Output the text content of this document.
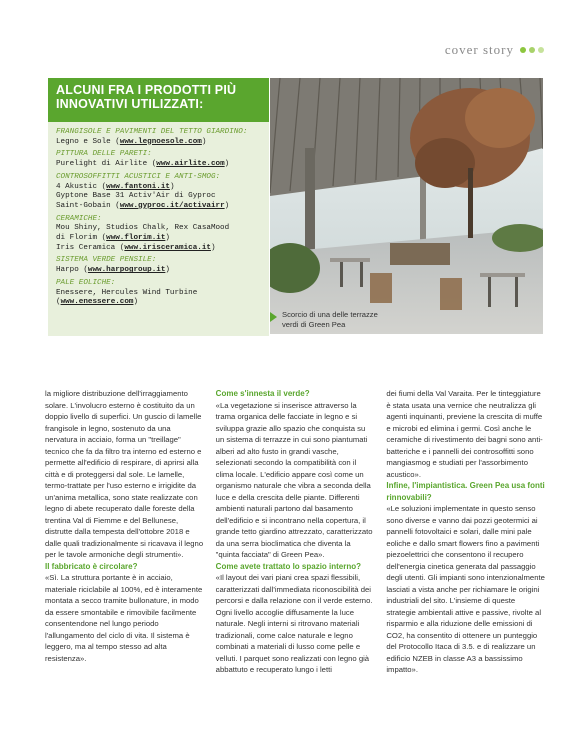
cover story
ALCUNI FRA I PRODOTTI PIÙ
INNOVATIVI UTILIZZATI:
FRANGISOLE E PAVIMENTI DEL TETTO GIARDINO:
Legno e Sole (www.legnoesole.com)
PITTURA DELLE PARETI:
Purelight di Airlite (www.airlite.com)
CONTROSOFFITTI ACUSTICI E ANTI-SMOG:
4 Akustic (www.fantoni.it)
Gyptone Base 31 Activ'Air di Gyproc
Saint-Gobain (www.gyproc.it/activairr)
CERAMICHE:
Mou Shiny, Studios Chalk, Rex CasaMood
di Florim (www.florim.it)
Iris Ceramica (www.irisceramica.it)
SISTEMA VERDE PENSILE:
Harpo (www.harpogroup.it)
PALE EOLICHE:
Enessere, Hercules Wind Turbine
(www.enessere.com)
Scorcio di una delle terrazze verdi di Green Pea

la migliore distribuzione dell'irraggiamento solare. L'involucro esterno è costituito da un doppio livello di superfici. Un guscio di lamelle frangisole in legno, sostenuto da una nervatura in acciaio, forma un "treillage" tecnico che fa da filtro tra interno ed esterno e permette all'edificio di respirare, di aprirsi alla città e di proteggersi dal sole. Le lamelle, termo-trattate per l'uso esterno e irrigidite da un'anima metallica, sono state realizzate con legno di abete recuperato dalle foreste della trentina Val di Fiemme e del Bellunese, distrutte dalla tempesta dell'ottobre 2018 e dalle quali tradizionalmente si ricavava il legno per le tavole armoniche degli strumenti».

Il fabbricato è circolare?

«Sì. La struttura portante è in acciaio, materiale riciclabile al 100%, ed è interamente montata a secco tramite bullonature, in modo da essere smontabile e rimovibile facilmente consentendone nel lungo periodo l'allungamento del ciclo di vita. Il sistema è leggero, ma al tempo stesso ad alta resistenza».

Come s'innesta il verde?

«La vegetazione si inserisce attraverso la trama organica delle facciate in legno e si sviluppa grazie allo spazio che conquista su un sistema di terrazze in cui sono piantumati alberi ad alto fusto in grandi vasche, selezionati secondo la compatibilità con il clima locale. L'edificio appare così come un organismo naturale che vibra a seconda della luce e della crescita delle piante. Differenti ambienti naturali partono dal basamento dell'edificio e si incontrano nella copertura, il grande tetto giardino attrezzato, caratterizzato da una serra bioclimatica che diventa la "quinta facciata" di Green Pea».

Come avete trattato lo spazio interno?

«Il layout dei vari piani crea spazi flessibili, caratterizzati dall'immediata riconoscibilità dei percorsi e dalla relazione con il verde esterno. Ogni livello accoglie diffusamente la luce naturale. Negli interni si ritrovano materiali tradizionali, come calce naturale e legno combinati a materiali di lusso come pelle e velluti. I parquet sono realizzati con legno già abbattuto e recuperato lungo i letti

dei fiumi della Val Varaita. Per le tinteggiature è stata usata una vernice che neutralizza gli agenti inquinanti, previene la crescita di muffe e microbi ed elimina i germi. Così anche le ceramiche di rivestimento dei bagni sono anti-batteriche e i pannelli dei controsoffitti sono mangiasmog e studiati per l'assorbimento acustico».

Infine, l'impiantistica. Green Pea usa fonti rinnovabili?

«Le soluzioni implementate in questo senso sono diverse e vanno dai pozzi geotermici ai pannelli fotovoltaici e solari, dalle mini pale eoliche e dallo smart flowers fino a pavimenti piezoelettrici che consentono il recupero dell'energia cinetica generata dal passaggio degli utenti. Gli impianti sono intenzionalmente lasciati a vista anche per richiamare le origini industriali del sito. L'insieme di queste strategie ambientali attive e passive, rivolte al risparmio e alla riduzione delle emissioni di CO2, ha consentito di ottenere un punteggio del Protocollo Itaca di 3.5. e di realizzare un edificio NZEB in classe A3 a bassissimo impatto».
